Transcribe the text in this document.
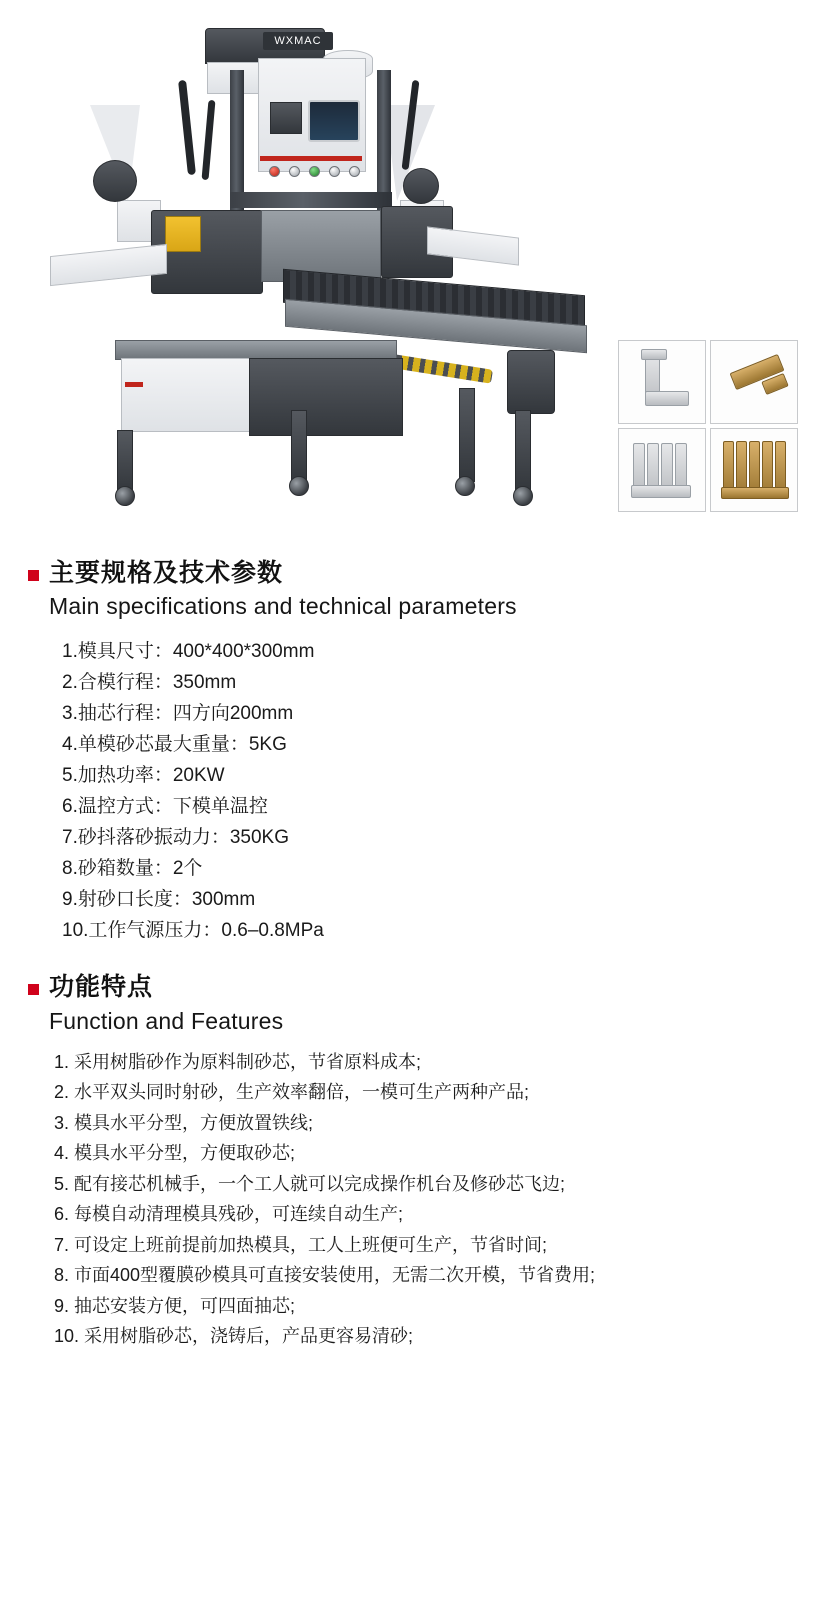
WXMAC
主要规格及技术参数
Main specifications and technical parameters
1.模具尺寸：400*400*300mm
2.合模行程：350mm
3.抽芯行程：四方向200mm
4.单模砂芯最大重量：5KG
5.加热功率：20KW
6.温控方式：下模单温控
7.砂抖落砂振动力：350KG
8.砂箱数量：2个
9.射砂口长度：300mm
10.工作气源压力：0.6–0.8MPa
功能特点
Function and Features
1. 采用树脂砂作为原料制砂芯，节省原料成本;
2. 水平双头同时射砂，生产效率翻倍，一模可生产两种产品;
3. 模具水平分型，方便放置铁线;
4. 模具水平分型，方便取砂芯;
5. 配有接芯机械手，一个工人就可以完成操作机台及修砂芯飞边;
6. 每模自动清理模具残砂，可连续自动生产;
7. 可设定上班前提前加热模具，工人上班便可生产，节省时间;
8. 市面400型覆膜砂模具可直接安装使用，无需二次开模，节省费用;
9. 抽芯安装方便，可四面抽芯;
10. 采用树脂砂芯，浇铸后，产品更容易清砂;
